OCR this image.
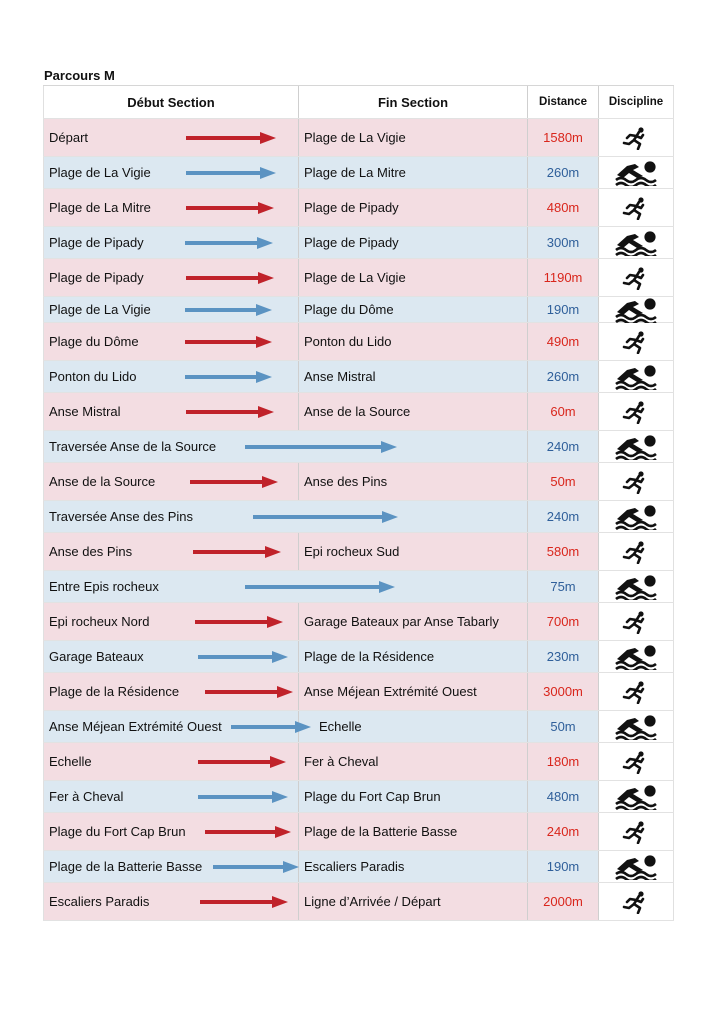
Parcours M
Début Section	Fin Section	Distance	Discipline
Départ	Plage de La Vigie	1580m
Plage de La Vigie	Plage de La Mitre	260m
Plage de La Mitre	Plage de Pipady	480m
Plage de Pipady	Plage de Pipady	300m
Plage de Pipady	Plage de La Vigie	1190m
Plage de La Vigie	Plage du Dôme	190m
Plage du Dôme	Ponton du Lido	490m
Ponton du Lido	Anse Mistral	260m
Anse Mistral	Anse de la Source	60m
Traversée Anse de la Source	240m
Anse de la Source	Anse des Pins	50m
Traversée Anse des Pins	240m
Anse des Pins	Epi rocheux Sud	580m
Entre Epis rocheux	75m
Epi rocheux Nord	Garage Bateaux par Anse Tabarly	700m
Garage Bateaux	Plage de la Résidence	230m
Plage de la Résidence	Anse Méjean Extrémité Ouest	3000m
Anse Méjean Extrémité Ouest	Echelle	50m
Echelle	Fer à Cheval	180m
Fer à Cheval	Plage du Fort Cap Brun	480m
Plage du Fort Cap Brun	Plage de la Batterie Basse	240m
Plage de la Batterie Basse	Escaliers Paradis	190m
Escaliers Paradis	Ligne d’Arrivée / Départ	2000m
